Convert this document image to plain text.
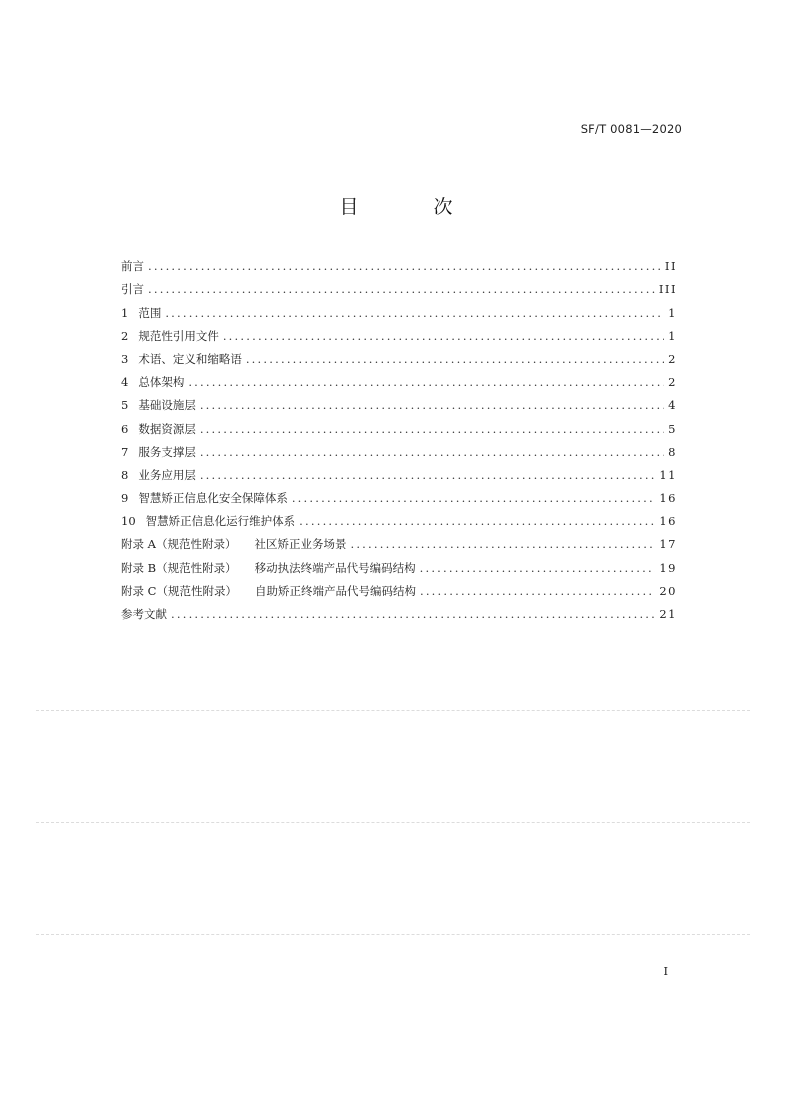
SF/T 0081—2020
目　次
前言 .....	II
引言 .....	III
1 范围 .....	1
2 规范性引用文件 .....	1
3 术语、定义和缩略语 .....	2
4 总体架构 .....	2
5 基础设施层 .....	4
6 数据资源层 .....	5
7 服务支撑层 .....	8
8 业务应用层 .....	11
9 智慧矫正信息化安全保障体系 .....	16
10 智慧矫正信息化运行维护体系 .....	16
附录 A（规范性附录） 社区矫正业务场景 .....	17
附录 B（规范性附录） 移动执法终端产品代号编码结构 .....	19
附录 C（规范性附录） 自助矫正终端产品代号编码结构 .....	20
参考文献 .....	21
I
